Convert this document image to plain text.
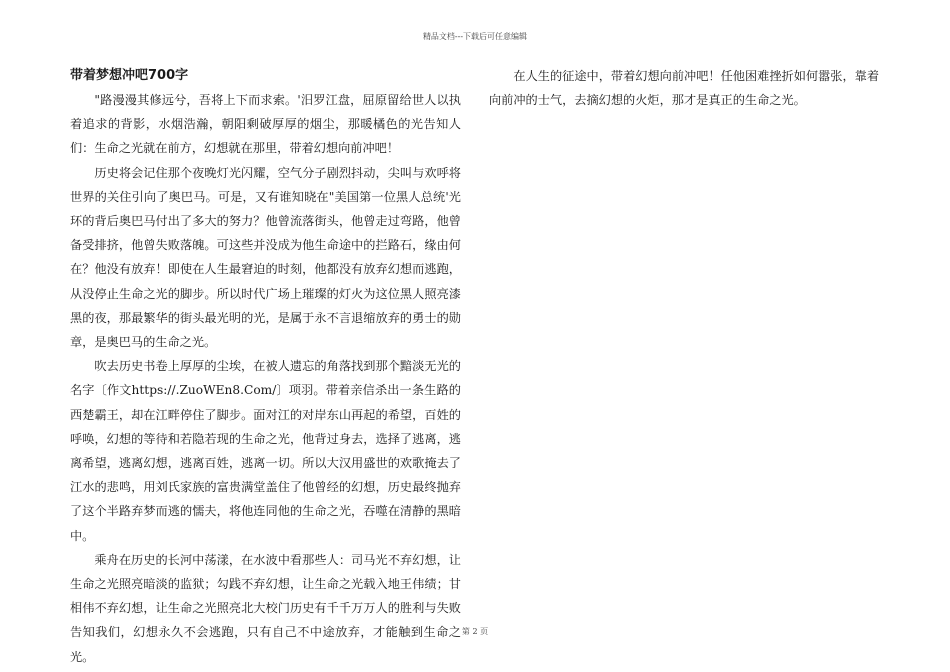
精品文档---下载后可任意编辑
带着梦想冲吧700字

"路漫漫其修远兮，吾将上下而求索。'汨罗江盘，屈原留给世人以执着追求的背影，水烟浩瀚，朝阳剩破厚厚的烟尘，那暖橘色的光告知人们：生命之光就在前方，幻想就在那里，带着幻想向前冲吧！

历史将会记住那个夜晚灯光闪耀，空气分子剧烈抖动，尖叫与欢呼将世界的关住引向了奥巴马。可是，又有谁知晓在"美国第一位黑人总统'光环的背后奥巴马付出了多大的努力？他曾流落街头，他曾走过弯路，他曾备受排挤，他曾失败落魄。可这些并没成为他生命途中的拦路石，缘由何在？他没有放弃！即使在人生最窘迫的时刻，他都没有放弃幻想而逃跑，从没停止生命之光的脚步。所以时代广场上璀璨的灯火为这位黑人照亮漆黑的夜，那最繁华的街头最光明的光，是属于永不言退缩放弃的勇士的勋章，是奥巴马的生命之光。

吹去历史书卷上厚厚的尘埃，在被人遗忘的角落找到那个黯淡无光的名字〔作文https://.ZuoWEn8.Com/〕项羽。带着亲信杀出一条生路的西楚霸王，却在江畔停住了脚步。面对江的对岸东山再起的希望，百姓的呼唤，幻想的等待和若隐若现的生命之光，他背过身去，选择了逃离，逃离希望，逃离幻想，逃离百姓，逃离一切。所以大汉用盛世的欢歌掩去了江水的悲鸣，用刘氏家族的富贵满堂盖住了他曾经的幻想，历史最终抛弃了这个半路弃梦而逃的懦夫，将他连同他的生命之光，吞噬在清静的黑暗中。

乘舟在历史的长河中荡漾，在水波中看那些人：司马光不弃幻想，让生命之光照亮暗淡的监狱；勾践不弃幻想，让生命之光载入地王伟绩；甘相伟不弃幻想，让生命之光照亮北大校门历史有千千万万人的胜利与失败告知我们，幻想永久不会逃跑，只有自己不中途放弃，才能触到生命之光。

在人生的征途中，带着幻想向前冲吧！任他困难挫折如何嚣张，靠着向前冲的士气，去摘幻想的火炬，那才是真正的生命之光。

第 2 页
